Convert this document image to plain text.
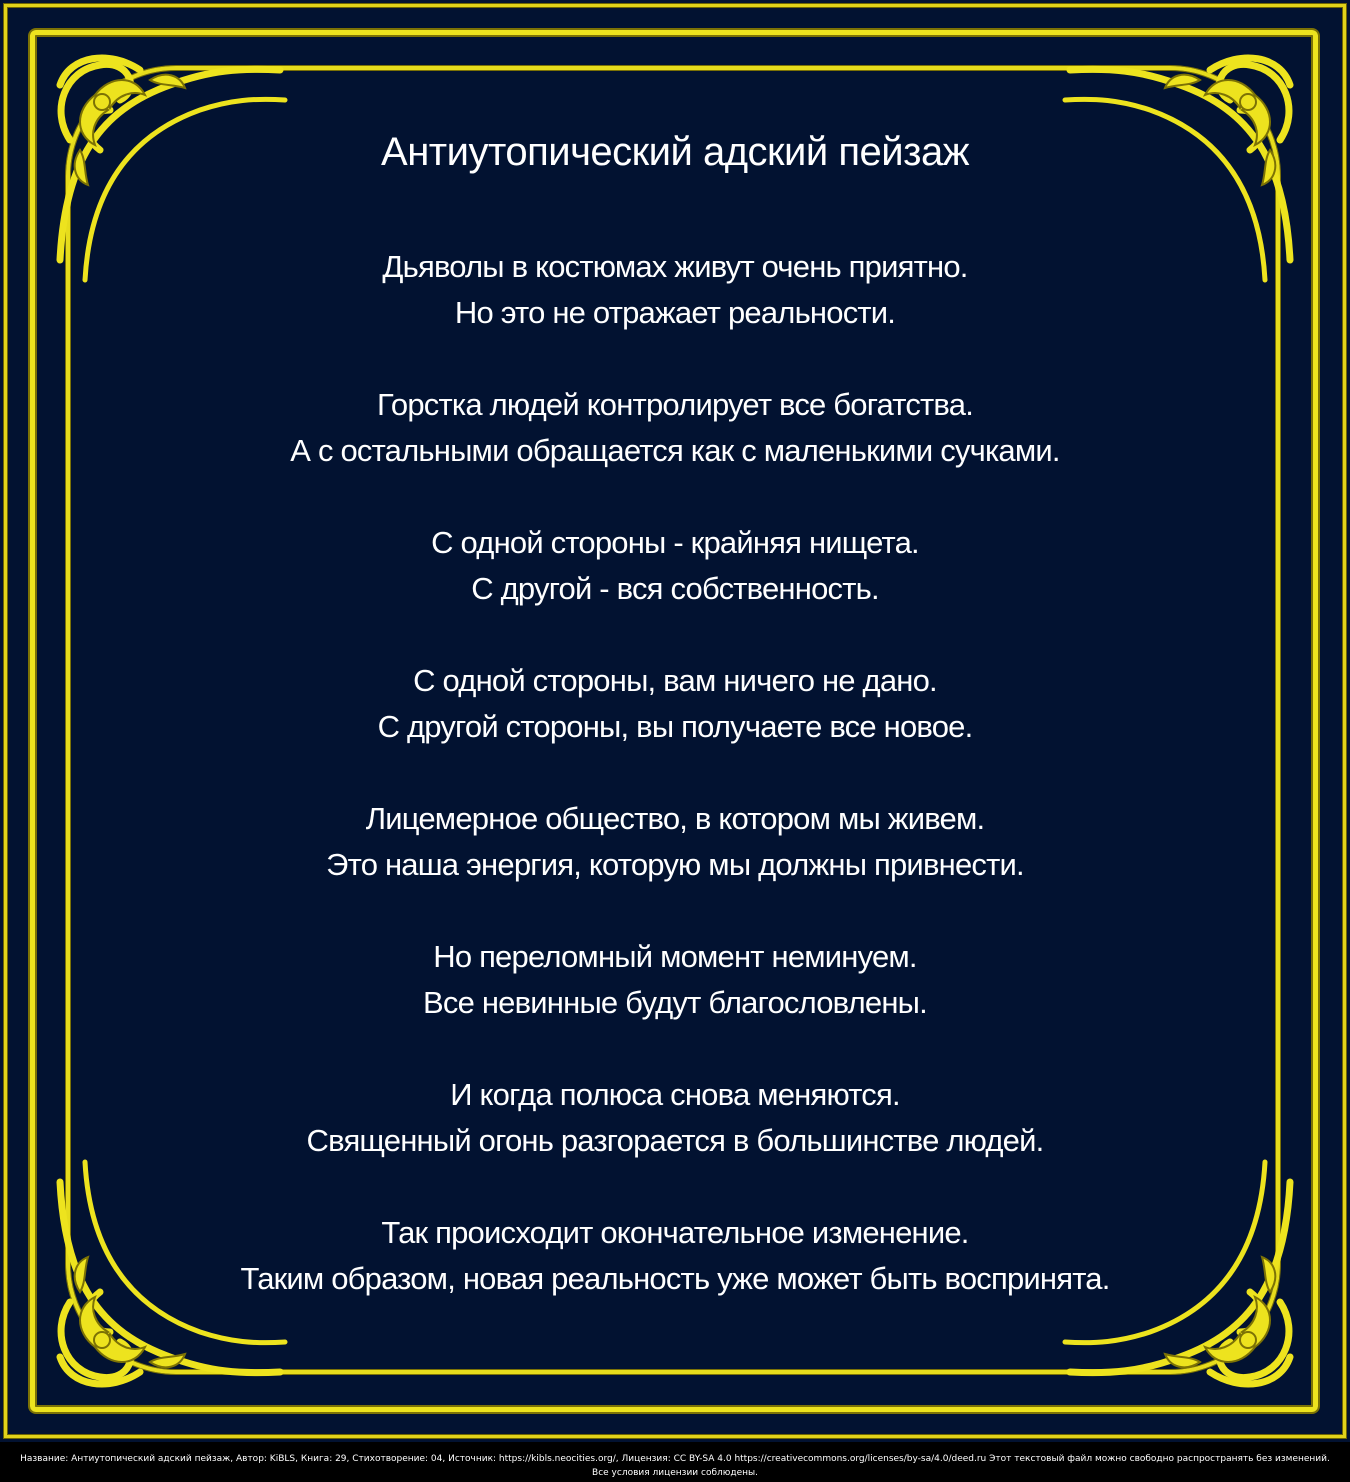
Антиутопический адский пейзаж
Дьяволы в костюмах живут очень приятно.
Но это не отражает реальности.
Горстка людей контролирует все богатства.
А с остальными обращается как с маленькими сучками.
С одной стороны - крайняя нищета.
С другой - вся собственность.
С одной стороны, вам ничего не дано.
С другой стороны, вы получаете все новое.
Лицемерное общество, в котором мы живем.
Это наша энергия, которую мы должны привнести.
Но переломный момент неминуем.
Все невинные будут благословлены.
И когда полюса снова меняются.
Священный огонь разгорается в большинстве людей.
Так происходит окончательное изменение.
Таким образом, новая реальность уже может быть воспринята.
Название: Антиутопический адский пейзаж, Автор: KiBLS, Книга: 29, Стихотворение: 04, Источник: https://kibls.neocities.org/, Лицензия: CC BY-SA 4.0 https://creativecommons.org/licenses/by-sa/4.0/deed.ru Этот текстовый файл можно свободно распространять без изменений. Все условия лицензии соблюдены.
